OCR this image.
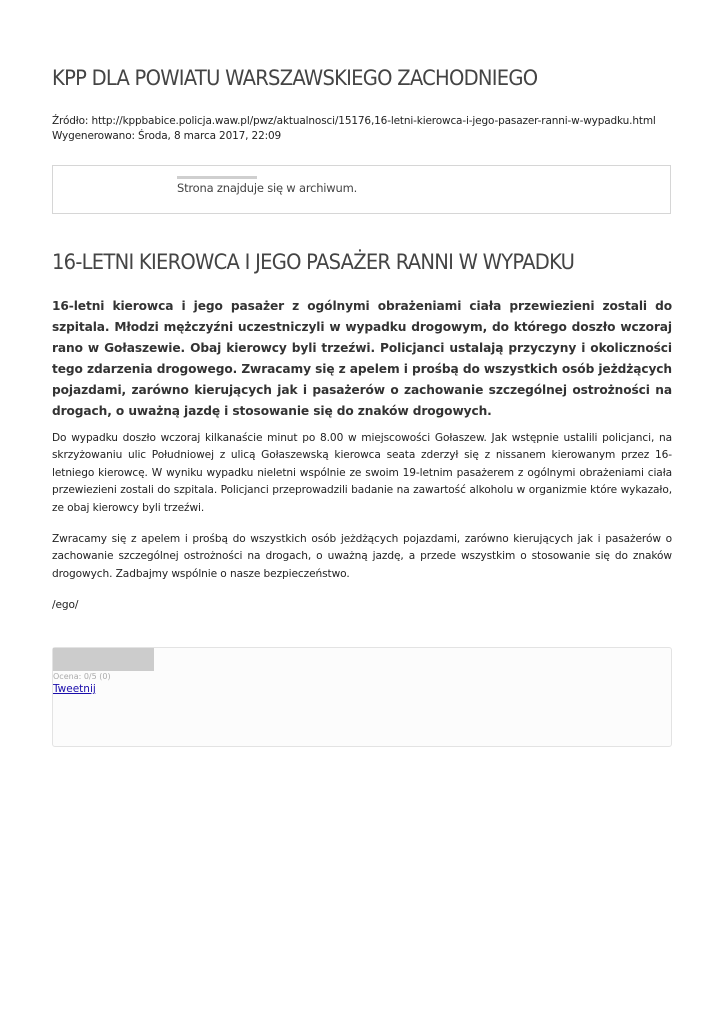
KPP DLA POWIATU WARSZAWSKIEGO ZACHODNIEGO
Źródło: http://kppbabice.policja.waw.pl/pwz/aktualnosci/15176,16-letni-kierowca-i-jego-pasazer-ranni-w-wypadku.html
Wygenerowano: Środa, 8 marca 2017, 22:09
Strona znajduje się w archiwum.
16-LETNI KIEROWCA I JEGO PASAŻER RANNI W WYPADKU

16-letni kierowca i jego pasażer z ogólnymi obrażeniami ciała przewiezieni zostali do szpitala. Młodzi mężczyźni uczestniczyli w wypadku drogowym, do którego doszło wczoraj rano w Gołaszewie. Obaj kierowcy byli trzeźwi. Policjanci ustalają przyczyny i okoliczności tego zdarzenia drogowego. Zwracamy się z apelem i prośbą do wszystkich osób jeżdżących pojazdami, zarówno kierujących jak i pasażerów o zachowanie szczególnej ostrożności na drogach, o uważną jazdę i stosowanie się do znaków drogowych.

Do wypadku doszło wczoraj kilkanaście minut po 8.00 w miejscowości Gołaszew. Jak wstępnie ustalili policjanci, na skrzyżowaniu ulic Południowej z ulicą Gołaszewską kierowca seata zderzył się z nissanem kierowanym przez 16-letniego kierowcę. W wyniku wypadku nieletni wspólnie ze swoim 19-letnim pasażerem z ogólnymi obrażeniami ciała przewiezieni zostali do szpitala. Policjanci przeprowadzili badanie na zawartość alkoholu w organizmie które wykazało, ze obaj kierowcy byli trzeźwi.

Zwracamy się z apelem i prośbą do wszystkich osób jeżdżących pojazdami, zarówno kierujących jak i pasażerów o zachowanie szczególnej ostrożności na drogach, o uważną jazdę, a przede wszystkim o stosowanie się do znaków drogowych. Zadbajmy wspólnie o nasze bezpieczeństwo.

/ego/

Ocena: 0/5 (0)
Tweetnij
